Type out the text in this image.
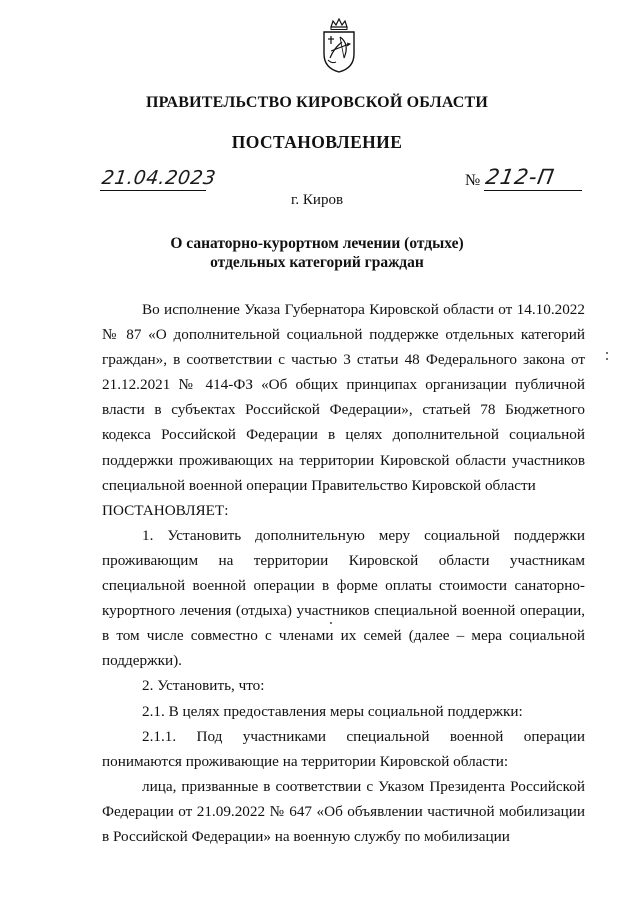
ПРАВИТЕЛЬСТВО КИРОВСКОЙ ОБЛАСТИ
ПОСТАНОВЛЕНИЕ
21.04.2023	№ 212-П
г. Киров
О санаторно-курортном лечении (отдыхе)
отдельных категорий граждан

Во исполнение Указа Губернатора Кировской области от 14.10.2022 № 87 «О дополнительной социальной поддержке отдельных категорий граждан», в соответствии с частью 3 статьи 48 Федерального закона от 21.12.2021 № 414-ФЗ «Об общих принципах организации публичной власти в субъектах Российской Федерации», статьей 78 Бюджетного кодекса Российской Федерации в целях дополнительной социальной поддержки проживающих на территории Кировской области участников специальной военной операции Правительство Кировской области

ПОСТАНОВЛЯЕТ:

1. Установить дополнительную меру социальной поддержки проживающим на территории Кировской области участникам специальной военной операции в форме оплаты стоимости санаторно-курортного лечения (отдыха) участников специальной военной операции, в том числе совместно с членами их семей (далее – мера социальной поддержки).

2. Установить, что:

2.1. В целях предоставления меры социальной поддержки:

2.1.1. Под участниками специальной военной операции понимаются проживающие на территории Кировской области:

лица, призванные в соответствии с Указом Президента Российской Федерации от 21.09.2022 № 647 «Об объявлении частичной мобилизации в Российской Федерации» на военную службу по мобилизации
